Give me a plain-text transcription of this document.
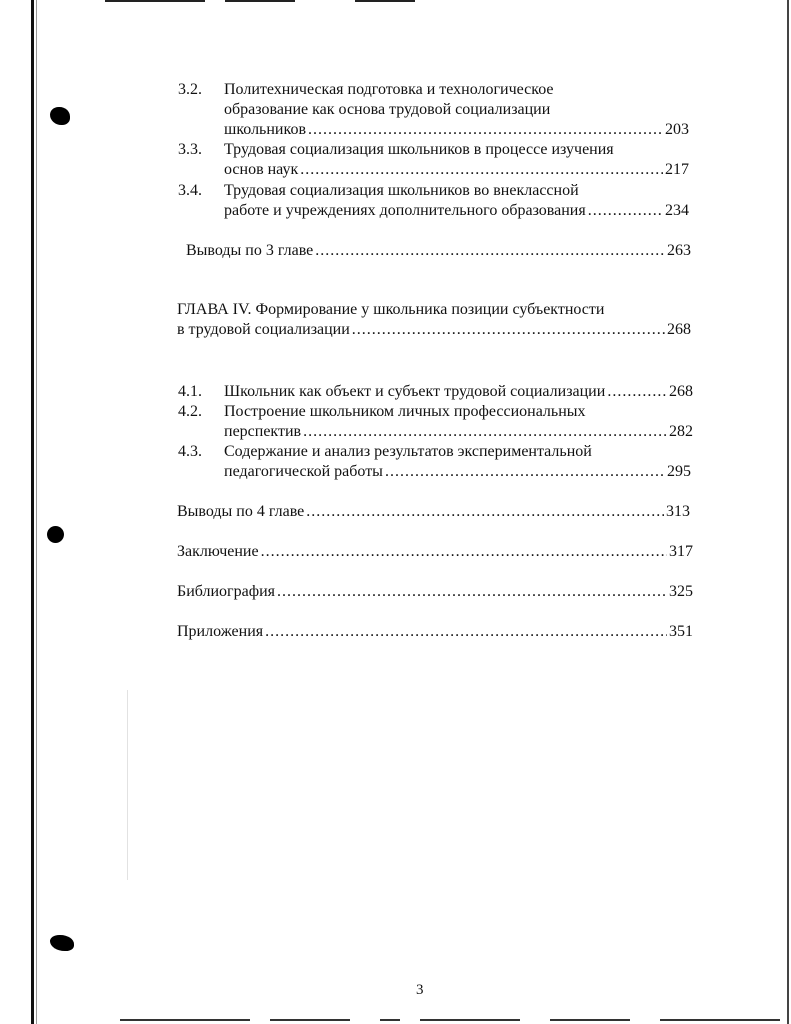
3.2. Политехническая подготовка и технологическое
образование как основа трудовой социализации
школьников .....	203
3.3. Трудовая социализация школьников в процессе изучения
основ наук .....	217
3.4. Трудовая социализация школьников во внеклассной
работе и учреждениях дополнительного образования .....	234
Выводы по 3 главе .....	263
ГЛАВА IV. Формирование у школьника позиции субъектности
в трудовой социализации .....	268
4.1. Школьник как объект и субъект трудовой социализации .....	268
4.2. Построение школьником личных профессиональных
перспектив .....	282
4.3. Содержание и анализ результатов экспериментальной
педагогической работы .....	295
Выводы по 4 главе .....	313
Заключение .....	317
Библиография .....	325
Приложения .....	351
3
